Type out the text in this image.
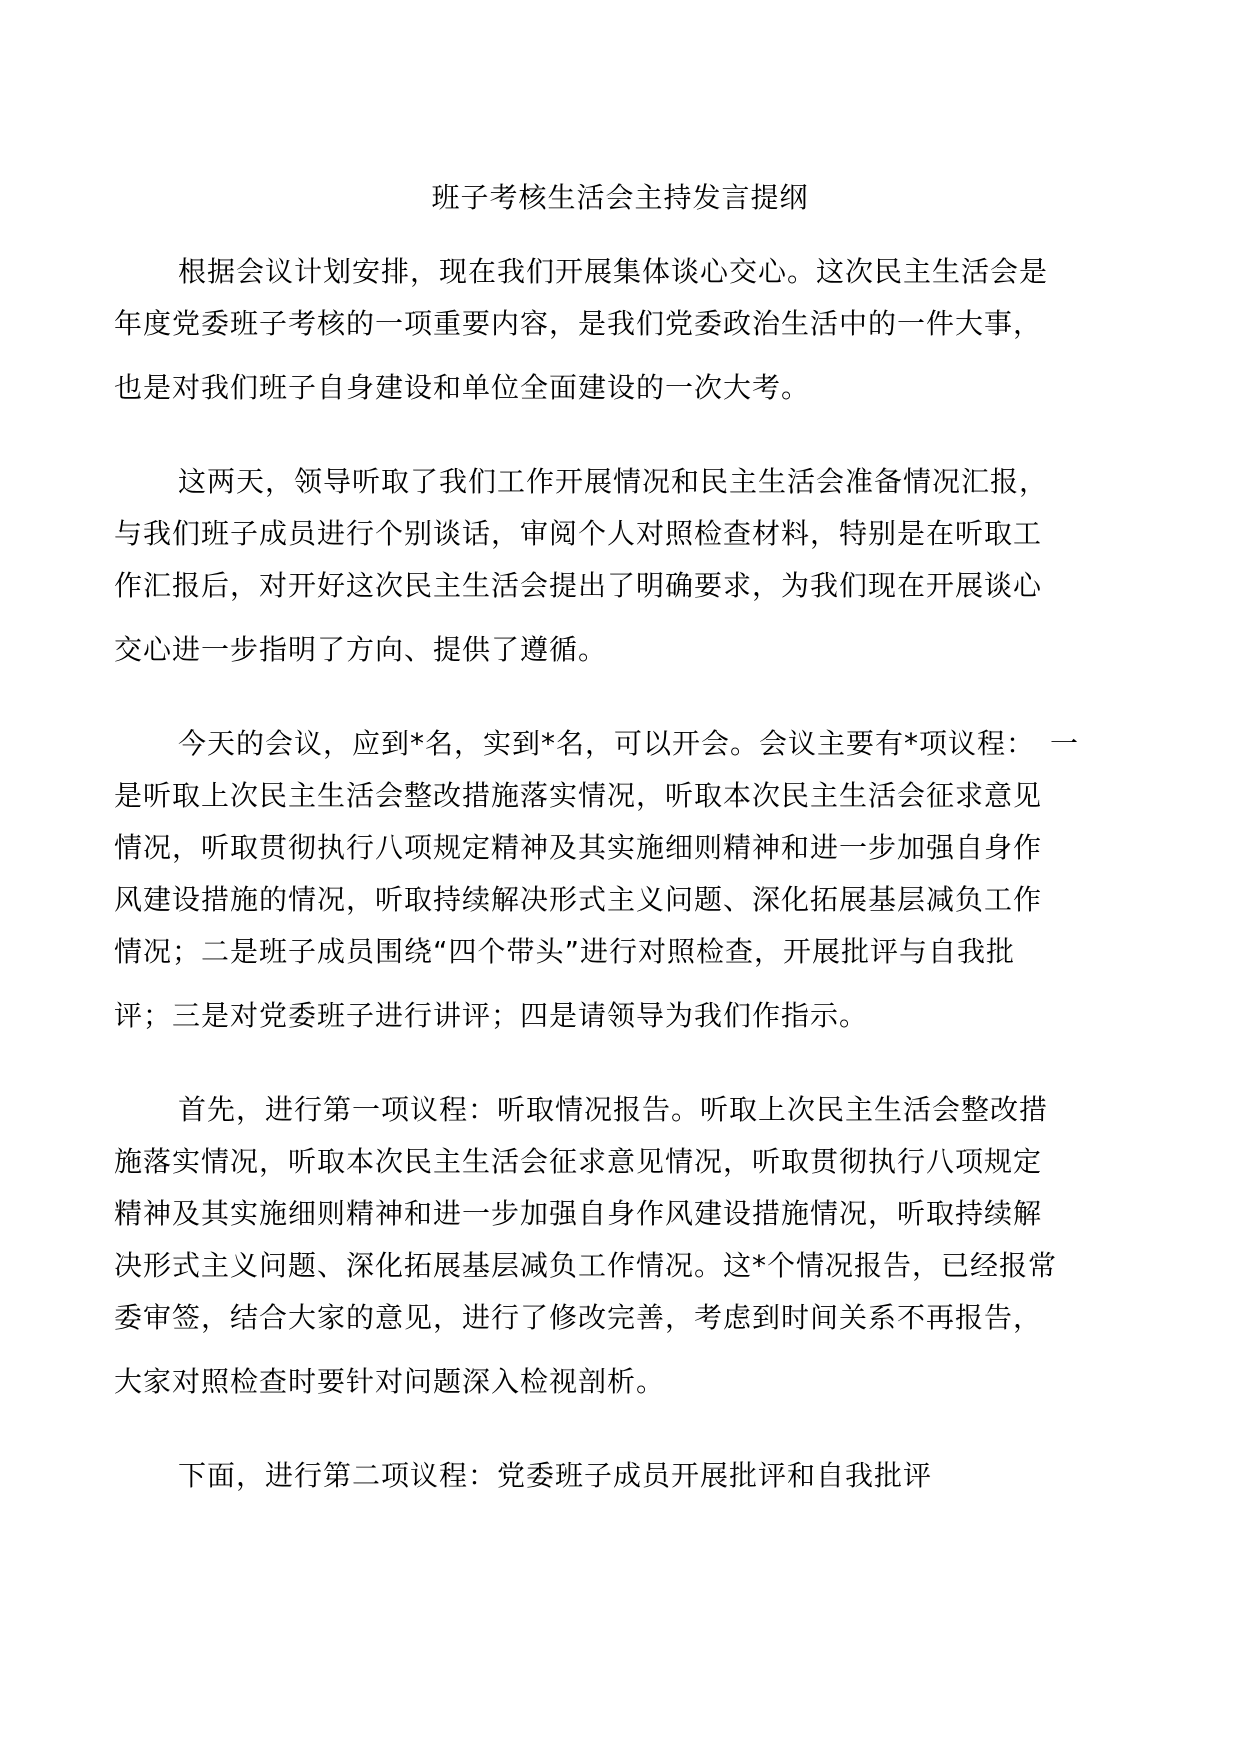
班子考核生活会主持发言提纲
根据会议计划安排，现在我们开展集体谈心交心。这次民主生活会是
年度党委班子考核的一项重要内容，是我们党委政治生活中的一件大事，
也是对我们班子自身建设和单位全面建设的一次大考。
这两天，领导听取了我们工作开展情况和民主生活会准备情况汇报，
与我们班子成员进行个别谈话，审阅个人对照检查材料，特别是在听取工
作汇报后，对开好这次民主生活会提出了明确要求，为我们现在开展谈心
交心进一步指明了方向、提供了遵循。
今天的会议，应到*名，实到*名，可以开会。会议主要有*项议程：　一
是听取上次民主生活会整改措施落实情况，听取本次民主生活会征求意见
情况，听取贯彻执行八项规定精神及其实施细则精神和进一步加强自身作
风建设措施的情况，听取持续解决形式主义问题、深化拓展基层减负工作
情况；二是班子成员围绕“四个带头”进行对照检查，开展批评与自我批
评；三是对党委班子进行讲评；四是请领导为我们作指示。
首先，进行第一项议程：听取情况报告。听取上次民主生活会整改措
施落实情况，听取本次民主生活会征求意见情况，听取贯彻执行八项规定
精神及其实施细则精神和进一步加强自身作风建设措施情况，听取持续解
决形式主义问题、深化拓展基层减负工作情况。这*个情况报告，已经报常
委审签，结合大家的意见，进行了修改完善，考虑到时间关系不再报告，
大家对照检查时要针对问题深入检视剖析。
下面，进行第二项议程：党委班子成员开展批评和自我批评
